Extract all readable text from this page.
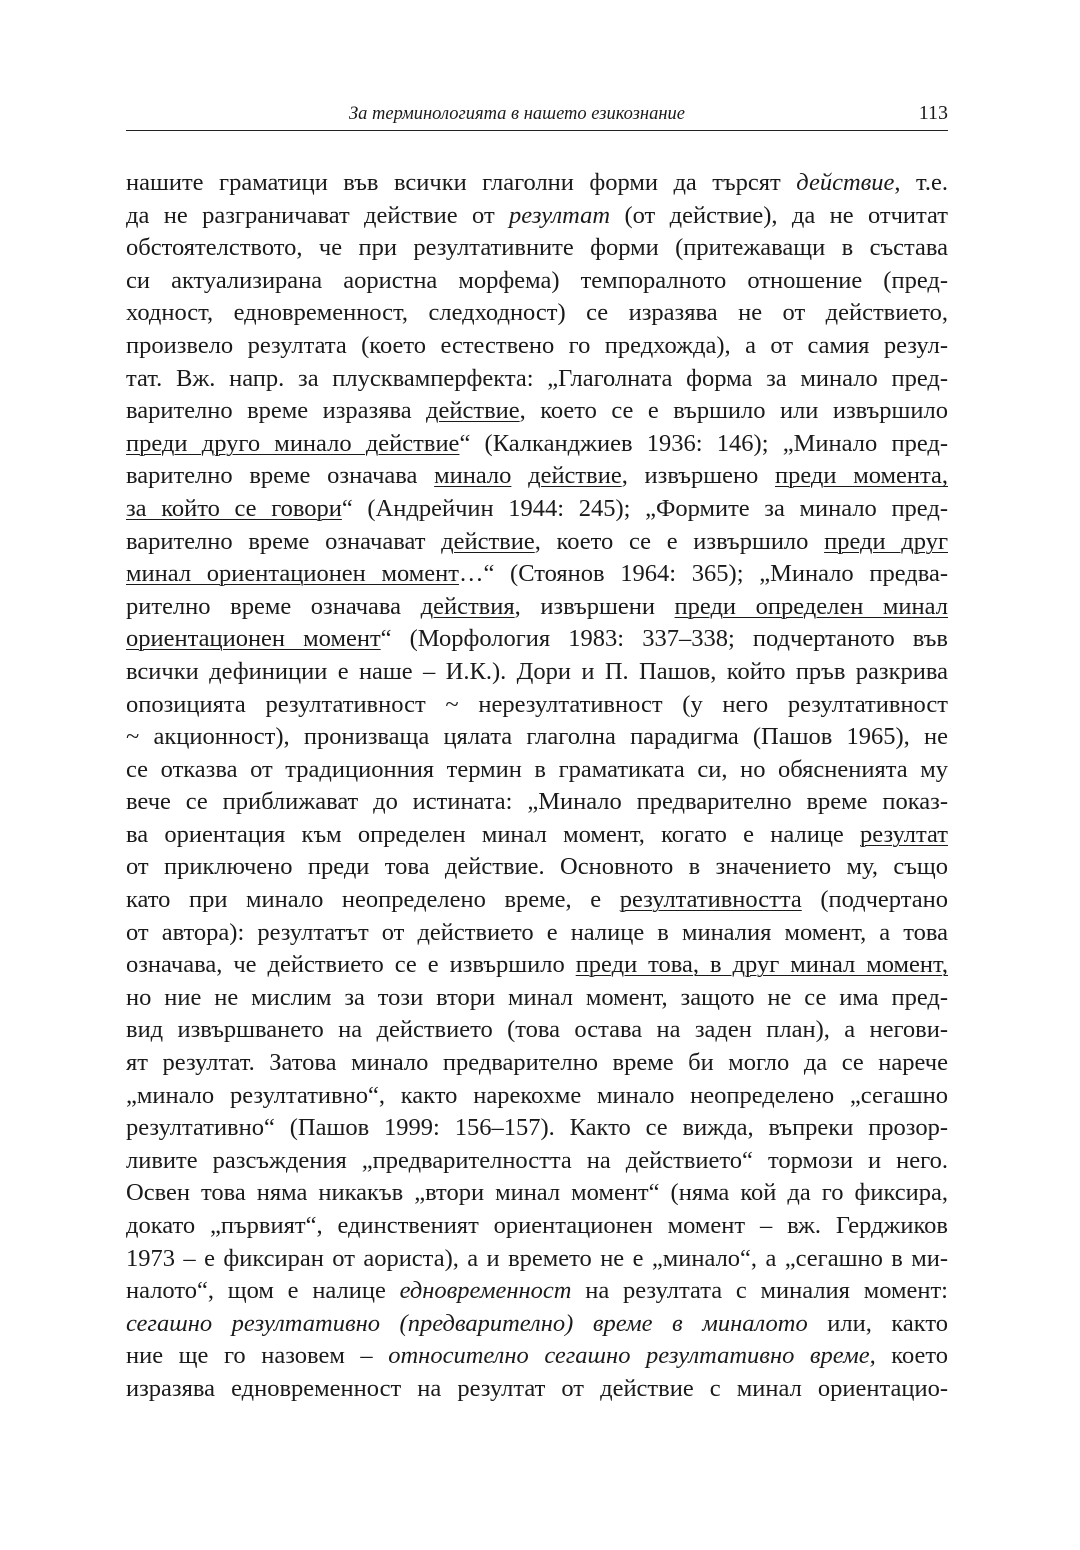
За терминологията в нашето езикознание	113
нашите граматици във всички глаголни форми да търсят действие, т.е.
да не разграничават действие от резултат (от действие), да не отчитат
обстоятелството, че при резултативните форми (притежаващи в състава
си актуализирана аористна морфема) темпоралното отношение (пред-
ходност, едновременност, следходност) се изразява не от действието,
произвело резултата (което естествено го предхожда), а от самия резул-
тат. Вж. напр. за плусквамперфекта: „Глаголната форма за минало пред-
варително време изразява действие, което се е вършило или извършило
преди друго минало действие“ (Калканджиев 1936: 146); „Минало пред-
варително време означава минало действие, извършено преди момента,
за който се говори“ (Андрейчин 1944: 245); „Формите за минало пред-
варително време означават действие, което се е извършило преди друг
минал ориентационен момент…“ (Стоянов 1964: 365); „Минало предва-
рително време означава действия, извършени преди определен минал
ориентационен момент“ (Морфология 1983: 337–338; подчертаното във
всички дефиниции е наше – И.К.). Дори и П. Пашов, който пръв разкрива
опозицията резултативност ~ нерезултативност (у него резултативност
~ акционност), пронизваща цялата глаголна парадигма (Пашов 1965), не
се отказва от традиционния термин в граматиката си, но обясненията му
вече се приближават до истината: „Минало предварително време показ-
ва ориентация към определен минал момент, когато е налице резултат
от приключено преди това действие. Основното в значението му, също
като при минало неопределено време, е резултативността (подчертано
от автора): резултатът от действието е налице в миналия момент, а това
означава, че действието се е извършило преди това, в друг минал момент,
но ние не мислим за този втори минал момент, защото не се има пред-
вид извършването на действието (това остава на заден план), а негови-
ят резултат. Затова минало предварително време би могло да се нарече
„минало резултативно“, както нарекохме минало неопределено „сегашно
резултативно“ (Пашов 1999: 156–157). Както се вижда, въпреки прозор-
ливите разсъждения „предварителността на действието“ тормози и него.
Освен това няма никакъв „втори минал момент“ (няма кой да го фиксира,
докато „първият“, единственият ориентационен момент – вж. Герджиков
1973 – е фиксиран от аориста), а и времето не е „минало“, а „сегашно в ми-
налото“, щом е налице едновременност на резултата с миналия момент:
сегашно резултативно (предварително) време в миналото или, както
ние ще го назовем – относително сегашно резултативно време, което
изразява едновременност на резултат от действие с минал ориентацио-
